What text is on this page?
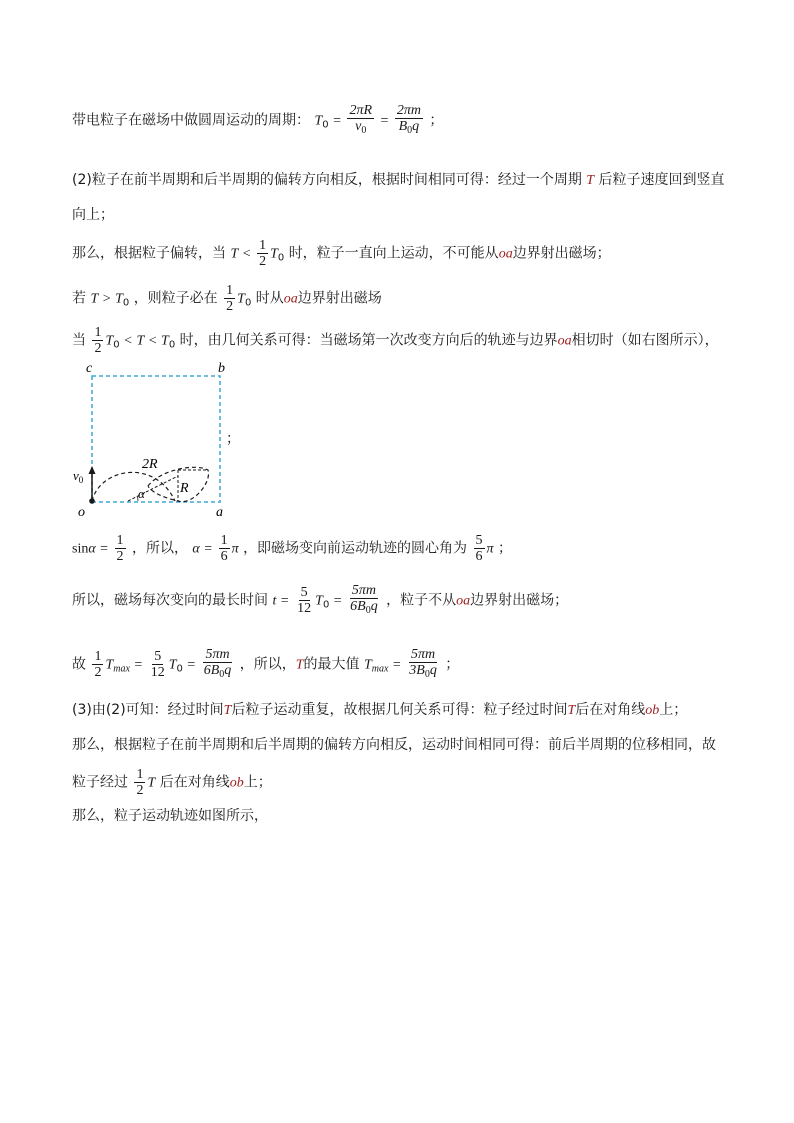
带电粒子在磁场中做圆周运动的周期： $T_0 = \frac{2\pi R}{v_0} = \frac{2\pi m}{B_0q}$ ；
(2)粒子在前半周期和后半周期的偏转方向相反，根据时间相同可得：经过一个周期 T 后粒子速度回到竖直
向上；
那么，根据粒子偏转，当 $T < \frac{1}{2} T_0$ 时，粒子一直向上运动，不可能从oa边界射出磁场；
若 $T > T_0$ ，则粒子必在 $\frac{1}{2} T_0$ 时从oa边界射出磁场
当 $\frac{1}{2} T_0 < T < T_0$ 时，由几何关系可得：当磁场第一次改变方向后的轨迹与边界oa相切时（如右图所示），
c	b
o	a
$v_0$
2R
R
α
；
$\sin\alpha = \frac{1}{2}$ ，所以， $\alpha = \frac{1}{6}$ π ，即磁场变向前运动轨迹的圆心角为 $\frac{5}{6}$ π ；
所以，磁场每次变向的最长时间 $t = \frac{5}{12} T_0 = \frac{5\pi m}{6B_0q}$ ，粒子不从oa边界射出磁场；
故 $\frac{1}{2} T_{max} = \frac{5}{12} T_0 = \frac{5\pi m}{6B_0q}$ ，所以，T的最大值 $T_{max} = \frac{5\pi m}{3B_0q}$ ；
(3)由(2)可知：经过时间T后粒子运动重复，故根据几何关系可得：粒子经过时间T后在对角线ob上；
那么，根据粒子在前半周期和后半周期的偏转方向相反，运动时间相同可得：前后半周期的位移相同，故
粒子经过 $\frac{1}{2}$ T 后在对角线ob上；
那么，粒子运动轨迹如图所示，
